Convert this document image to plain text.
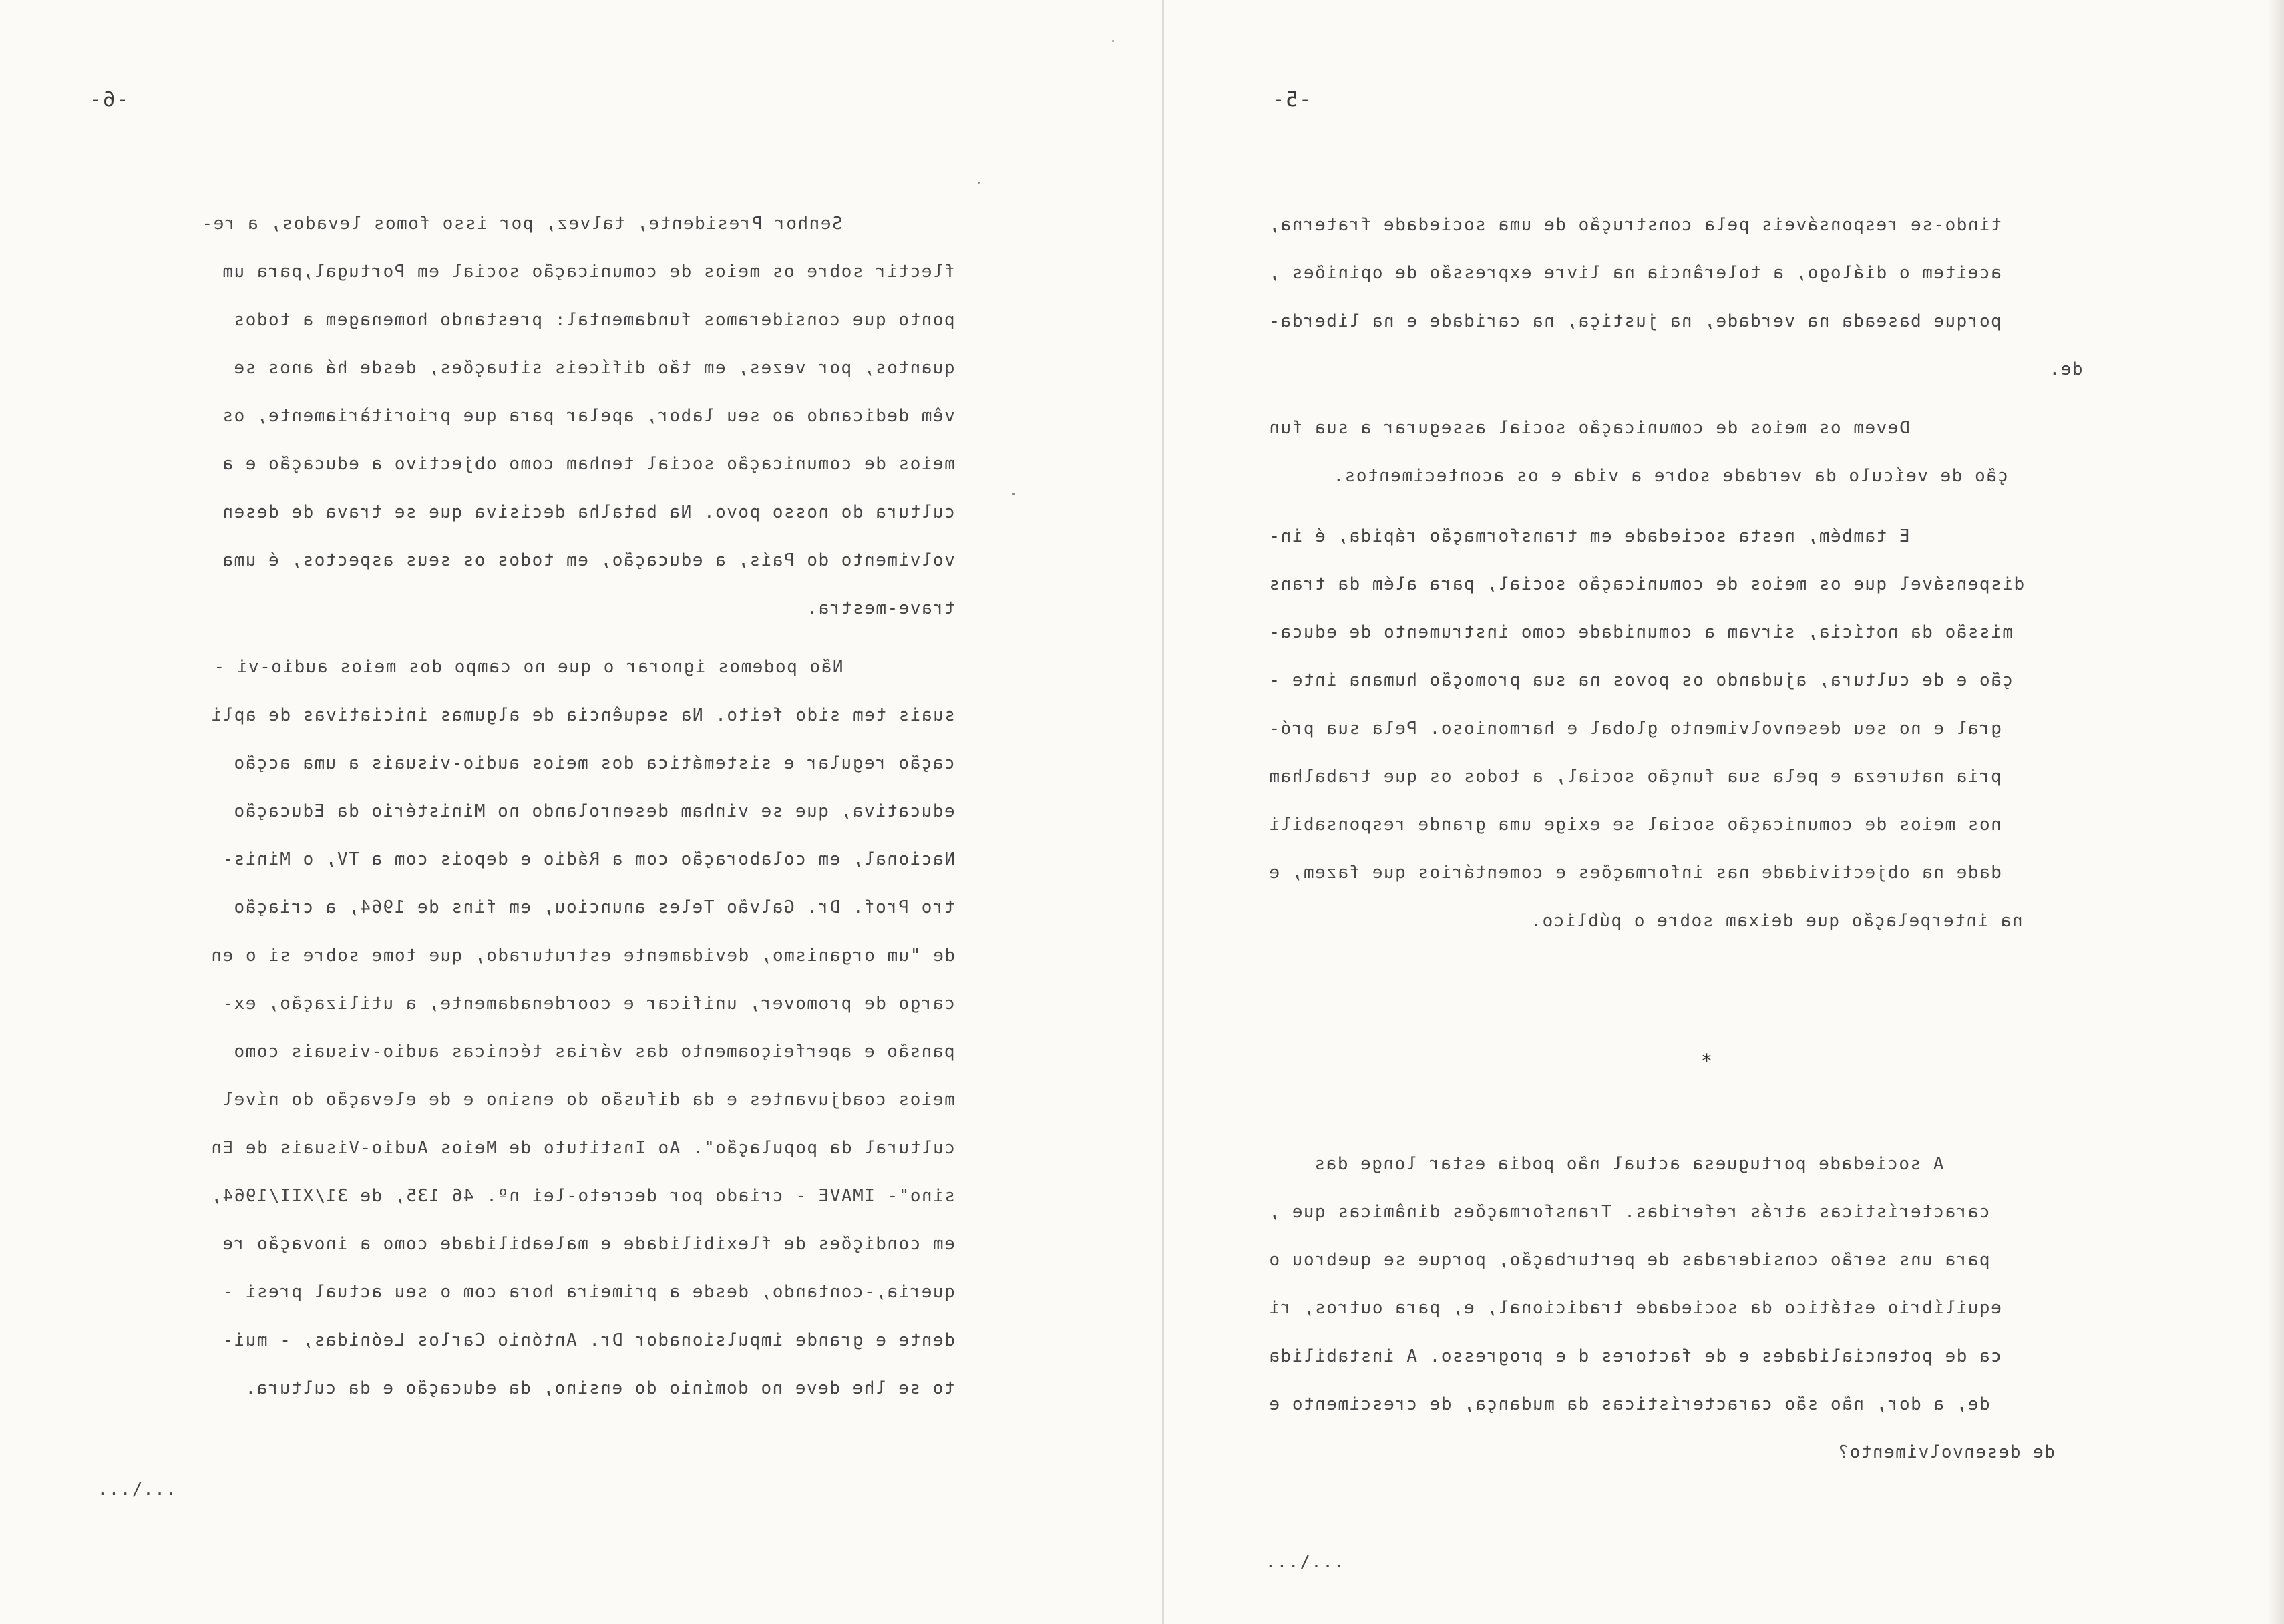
-6-
Senhor Presidente, talvez, por isso fomos levados, a re-
flectir sobre os meios de comunicação social em Portugal,para um
ponto que consideramos fundamental: prestando homenagem a todos
quantos, por vezes, em tão difíceis situações, desde há anos se
vêm dedicando ao seu labor, apelar para que prioritàriamente, os
meios de comunicação social tenham como objectivo a educação e a
cultura do nosso povo. Na batalha decisiva que se trava de desen
volvimento do País, a educação, em todos os seus aspectos, é uma
trave-mestra.
Não podemos ignorar o que no campo dos meios audio-vi -
suais tem sido feito. Na sequência de algumas iniciativas de apli
cação regular e sistemática dos meios audio-visuais a uma acção
educativa, que se vinham desenrolando no Ministério da Educação
Nacional, em colaboração com a Rádio e depois com a TV, o Minis-
tro Prof. Dr. Galvão Teles anunciou, em fins de 1964, a criação
de "um organismo, devidamente estruturado, que tome sobre si o en
cargo de promover, unificar e coordenadamente, a utilização, ex-
pansão e aperfeiçoamento das várias técnicas audio-visuais como
meios coadjuvantes e da difusão do ensino e de elevação do nível
cultural da população". Ao Instituto de Meios Audio-Visuais de En
sino"- IMAVE - criado por decreto-lei nº. 46 135, de 31/XII/1964,
em condições de flexibilidade e maleabilidade como a inovação re
queria,-contando, desde a primeira hora com o seu actual presi -
dente e grande impulsionador Dr. António Carlos Leónidas, - mui-
to se lhe deve no domínio do ensino, da educação e da cultura.
...\...
-5-
tindo-se responsáveis pela construção de uma sociedade fraterna,
aceitem o diálogo, a tolerância na livre expressão de opiniões ,
porque baseada na verdade, na justiça, na caridade e na liberda-
de.
Devem os meios de comunicação social assegurar a sua fun
ção de veículo da verdade sobre a vida e os acontecimentos.
E também, nesta sociedade em transformação rápida, é in-
dispensável que os meios de comunicação social, para além da trans
missão da notícia, sirvam a comunidade como instrumento de educa-
ção e de cultura, ajudando os povos na sua promoção humana inte -
gral e no seu desenvolvimento global e harmonioso. Pela sua pró-
pria natureza e pela sua função social, a todos os que trabalham
nos meios de comunicação social se exige uma grande responsabili
dade na objectividade nas informações e comentários que fazem, e
na interpelação que deixam sobre o público.
*
A sociedade portuguesa actual não podia estar longe das
características atrás referidas. Transformações dinâmicas que ,
para uns serão consideradas de perturbação, porque se quebrou o
equilíbrio estático da sociedade tradicional, e, para outros, ri
ca de potencialidades e de factores d e progresso. A instabilida
de, a dor, não são características da mudança, de crescimento e
de desenvolvimento?
...\...
